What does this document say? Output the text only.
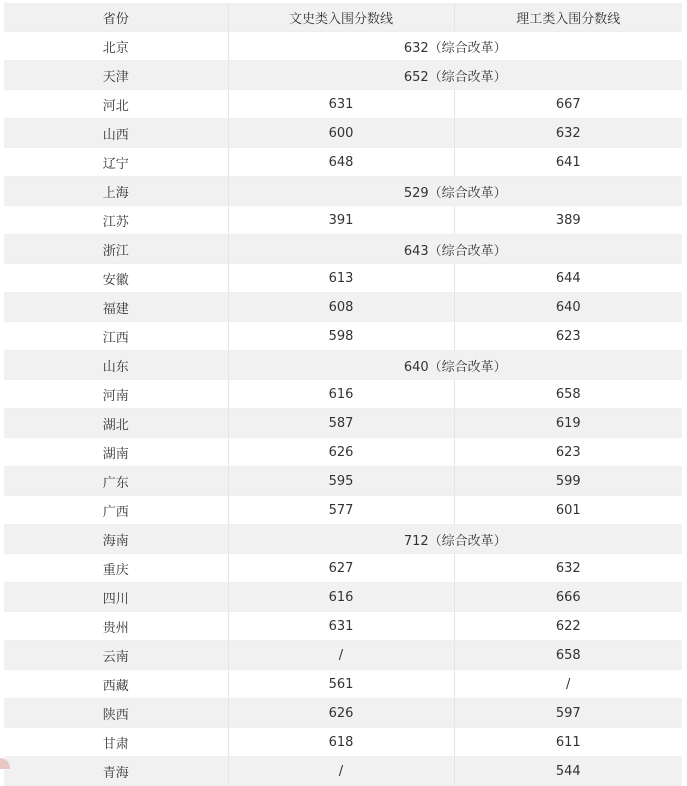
省份	文史类入围分数线	理工类入围分数线
北京	632（综合改革）	
天津	652（综合改革）	
河北	631	667
山西	600	632
辽宁	648	641
上海	529（综合改革）	
江苏	391	389
浙江	643（综合改革）	
安徽	613	644
福建	608	640
江西	598	623
山东	640（综合改革）	
河南	616	658
湖北	587	619
湖南	626	623
广东	595	599
广西	577	601
海南	712（综合改革）	
重庆	627	632
四川	616	666
贵州	631	622
云南	/	658
西藏	561	/
陕西	626	597
甘肃	618	611
青海	/	544
